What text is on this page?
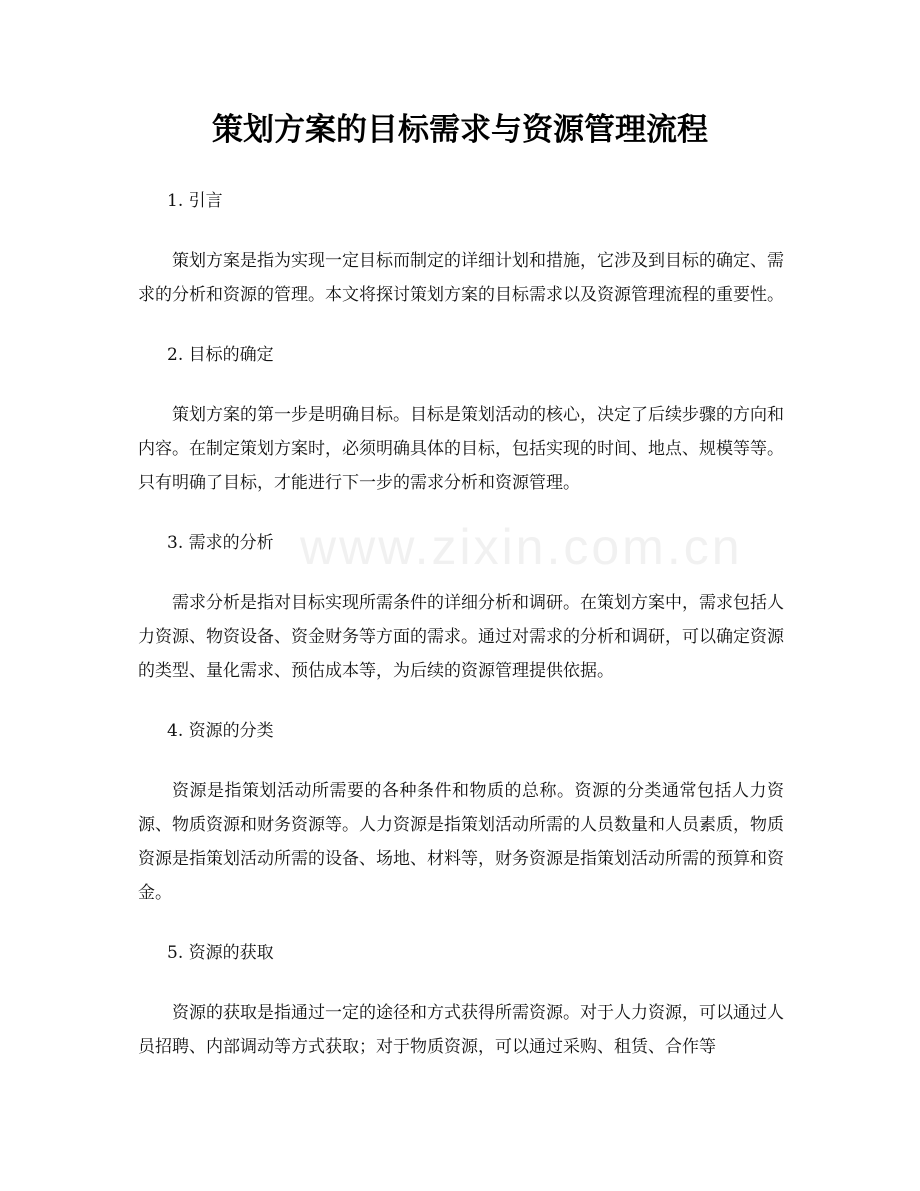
www.zixin.com.cn
策划方案的目标需求与资源管理流程
1. 引言
策划方案是指为实现一定目标而制定的详细计划和措施，它涉及到目标的确定、需求的分析和资源的管理。本文将探讨策划方案的目标需求以及资源管理流程的重要性。
2. 目标的确定
策划方案的第一步是明确目标。目标是策划活动的核心，决定了后续步骤的方向和内容。在制定策划方案时，必须明确具体的目标，包括实现的时间、地点、规模等等。只有明确了目标，才能进行下一步的需求分析和资源管理。
3. 需求的分析
需求分析是指对目标实现所需条件的详细分析和调研。在策划方案中，需求包括人力资源、物资设备、资金财务等方面的需求。通过对需求的分析和调研，可以确定资源的类型、量化需求、预估成本等，为后续的资源管理提供依据。
4. 资源的分类
资源是指策划活动所需要的各种条件和物质的总称。资源的分类通常包括人力资源、物质资源和财务资源等。人力资源是指策划活动所需的人员数量和人员素质，物质资源是指策划活动所需的设备、场地、材料等，财务资源是指策划活动所需的预算和资金。
5. 资源的获取
资源的获取是指通过一定的途径和方式获得所需资源。对于人力资源，可以通过人员招聘、内部调动等方式获取；对于物质资源，可以通过采购、租赁、合作等
